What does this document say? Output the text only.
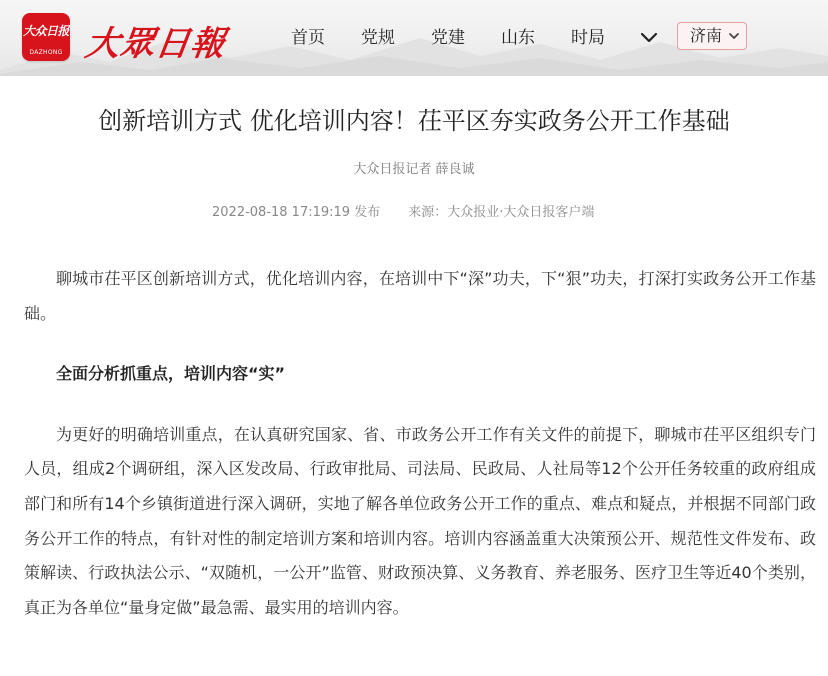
大众日报
DAZHONG 大眾日報	首页 党规 党建 山东 时局	济南
创新培训方式 优化培训内容！茌平区夯实政务公开工作基础
大众日报记者 薛良诚
2022-08-18 17:19:19 发布 来源：大众报业·大众日报客户端

聊城市茌平区创新培训方式，优化培训内容，在培训中下“深”功夫，下“狠”功夫，打深打实政务公开工作基础。

全面分析抓重点，培训内容“实”

为更好的明确培训重点，在认真研究国家、省、市政务公开工作有关文件的前提下，聊城市茌平区组织专门人员，组成2个调研组，深入区发改局、行政审批局、司法局、民政局、人社局等12个公开任务较重的政府组成部门和所有14个乡镇街道进行深入调研，实地了解各单位政务公开工作的重点、难点和疑点，并根据不同部门政务公开工作的特点，有针对性的制定培训方案和培训内容。培训内容涵盖重大决策预公开、规范性文件发布、政策解读、行政执法公示、“双随机，一公开”监管、财政预决算、义务教育、养老服务、医疗卫生等近40个类别，真正为各单位“量身定做”最急需、最实用的培训内容。
